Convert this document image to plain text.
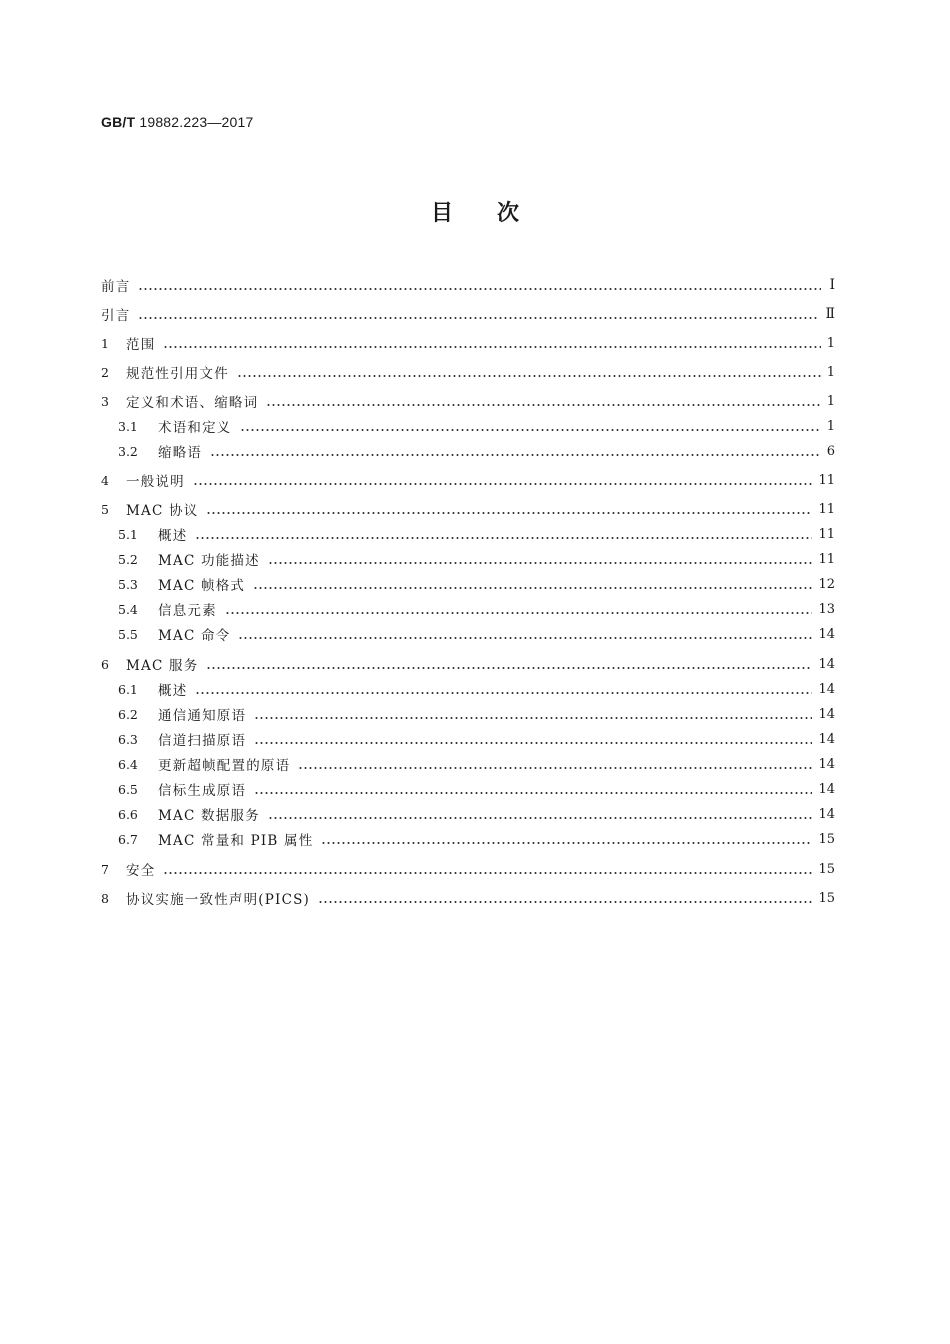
GB/T 19882.223—2017
目次
前言	Ⅰ
引言	Ⅱ
1	范围	1
2	规范性引用文件	1
3	定义和术语、缩略词	1
3.1	术语和定义	1
3.2	缩略语	6
4	一般说明	11
5	MAC 协议	11
5.1	概述	11
5.2	MAC 功能描述	11
5.3	MAC 帧格式	12
5.4	信息元素	13
5.5	MAC 命令	14
6	MAC 服务	14
6.1	概述	14
6.2	通信通知原语	14
6.3	信道扫描原语	14
6.4	更新超帧配置的原语	14
6.5	信标生成原语	14
6.6	MAC 数据服务	14
6.7	MAC 常量和 PIB 属性	15
7	安全	15
8	协议实施一致性声明(PICS)	15
